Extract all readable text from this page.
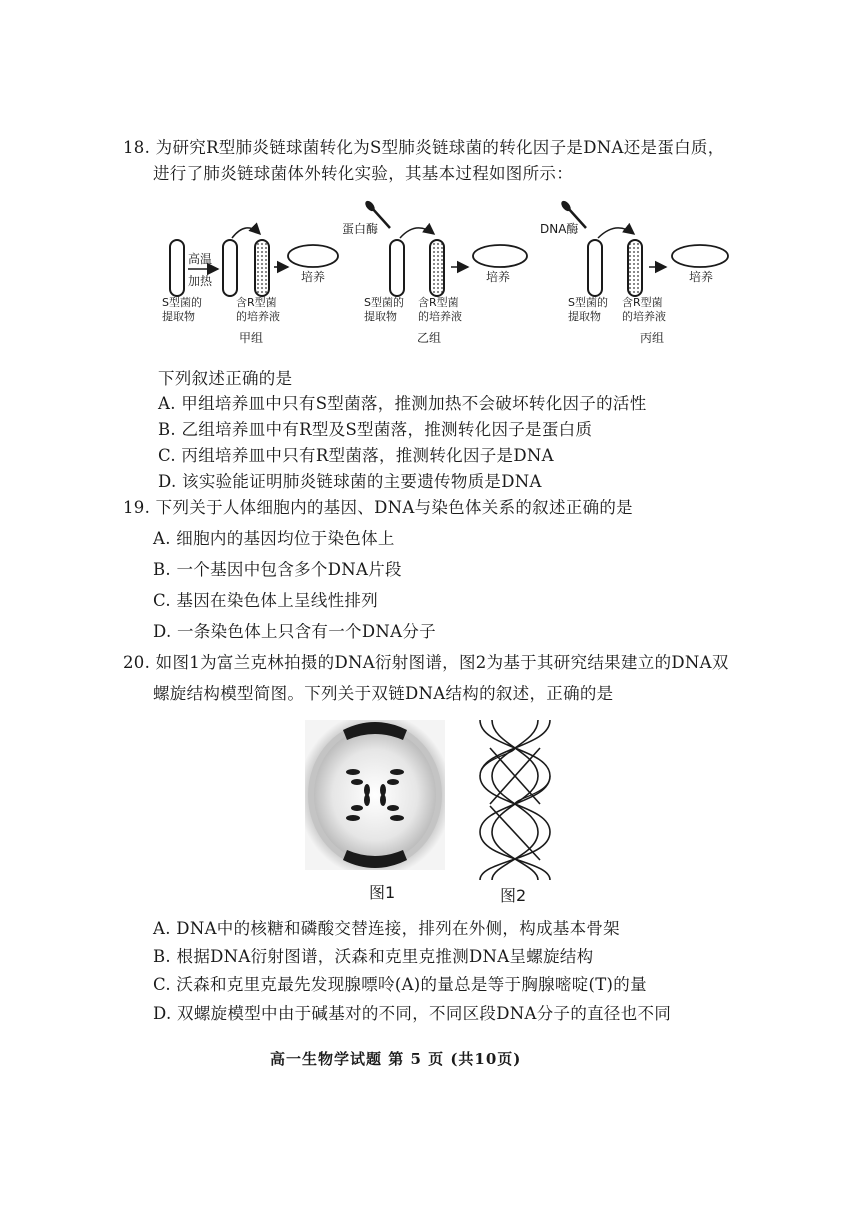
18. 为研究R型肺炎链球菌转化为S型肺炎链球菌的转化因子是DNA还是蛋白质，
进行了肺炎链球菌体外转化实验，其基本过程如图所示：
高温
加热	培养
S型菌的
提取物
含R型菌
的培养液
甲组
蛋白酶
培养
S型菌的
提取物
含R型菌
的培养液
乙组
DNA酶
培养
S型菌的
提取物
含R型菌
的培养液
丙组
下列叙述正确的是
A. 甲组培养皿中只有S型菌落，推测加热不会破坏转化因子的活性
B. 乙组培养皿中有R型及S型菌落，推测转化因子是蛋白质
C. 丙组培养皿中只有R型菌落，推测转化因子是DNA
D. 该实验能证明肺炎链球菌的主要遗传物质是DNA
19. 下列关于人体细胞内的基因、DNA与染色体关系的叙述正确的是
A. 细胞内的基因均位于染色体上
B. 一个基因中包含多个DNA片段
C. 基因在染色体上呈线性排列
D. 一条染色体上只含有一个DNA分子
20. 如图1为富兰克林拍摄的DNA衍射图谱，图2为基于其研究结果建立的DNA双
螺旋结构模型简图。下列关于双链DNA结构的叙述，正确的是
图1	图2
A. DNA中的核糖和磷酸交替连接，排列在外侧，构成基本骨架
B. 根据DNA衍射图谱，沃森和克里克推测DNA呈螺旋结构
C. 沃森和克里克最先发现腺嘌呤(A)的量总是等于胸腺嘧啶(T)的量
D. 双螺旋模型中由于碱基对的不同，不同区段DNA分子的直径也不同
高一生物学试题 第 5 页 (共10页)
